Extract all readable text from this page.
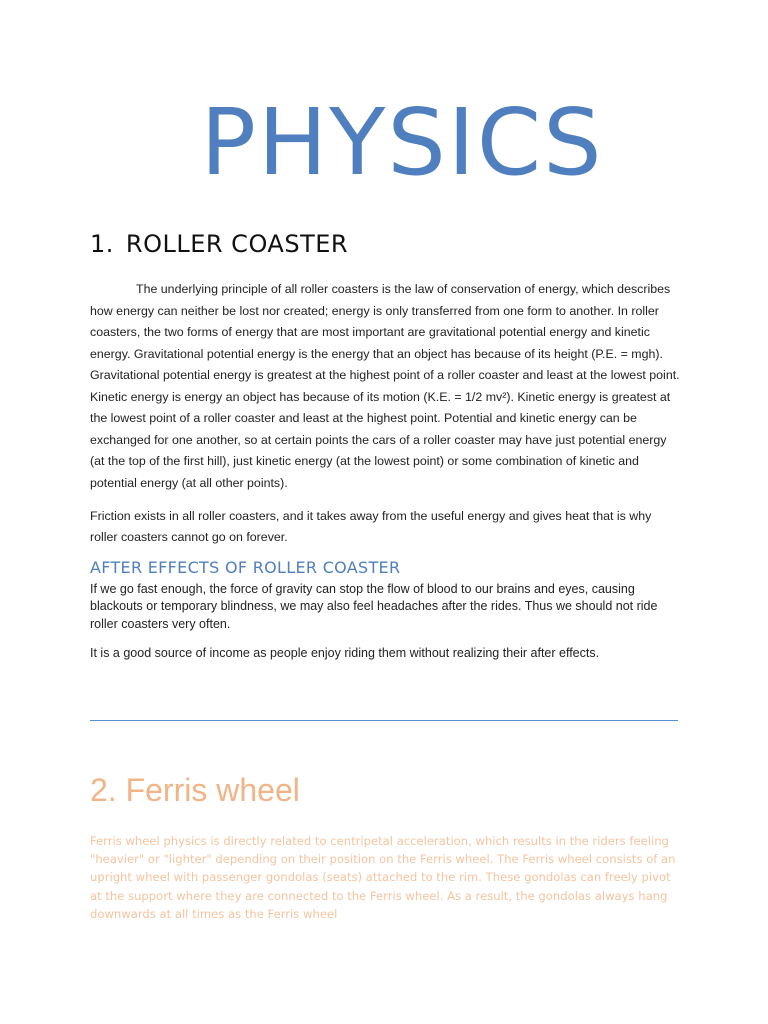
PHYSICS
1. ROLLER COASTER

The underlying principle of all roller coasters is the law of conservation of energy, which describes how energy can neither be lost nor created; energy is only transferred from one form to another. In roller coasters, the two forms of energy that are most important are gravitational potential energy and kinetic energy. Gravitational potential energy is the energy that an object has because of its height (P.E. = mgh). Gravitational potential energy is greatest at the highest point of a roller coaster and least at the lowest point. Kinetic energy is energy an object has because of its motion (K.E. = 1/2 mv²). Kinetic energy is greatest at the lowest point of a roller coaster and least at the highest point. Potential and kinetic energy can be exchanged for one another, so at certain points the cars of a roller coaster may have just potential energy (at the top of the first hill), just kinetic energy (at the lowest point) or some combination of kinetic and potential energy (at all other points).

Friction exists in all roller coasters, and it takes away from the useful energy and gives heat that is why roller coasters cannot go on forever.

AFTER EFFECTS OF ROLLER COASTER

If we go fast enough, the force of gravity can stop the flow of blood to our brains and eyes, causing blackouts or temporary blindness, we may also feel headaches after the rides. Thus we should not ride roller coasters very often.

It is a good source of income as people enjoy riding them without realizing their after effects.

2. Ferris wheel

Ferris wheel physics is directly related to centripetal acceleration, which results in the riders feeling "heavier" or "lighter" depending on their position on the Ferris wheel. The Ferris wheel consists of an upright wheel with passenger gondolas (seats) attached to the rim. These gondolas can freely pivot at the support where they are connected to the Ferris wheel. As a result, the gondolas always hang downwards at all times as the Ferris wheel
